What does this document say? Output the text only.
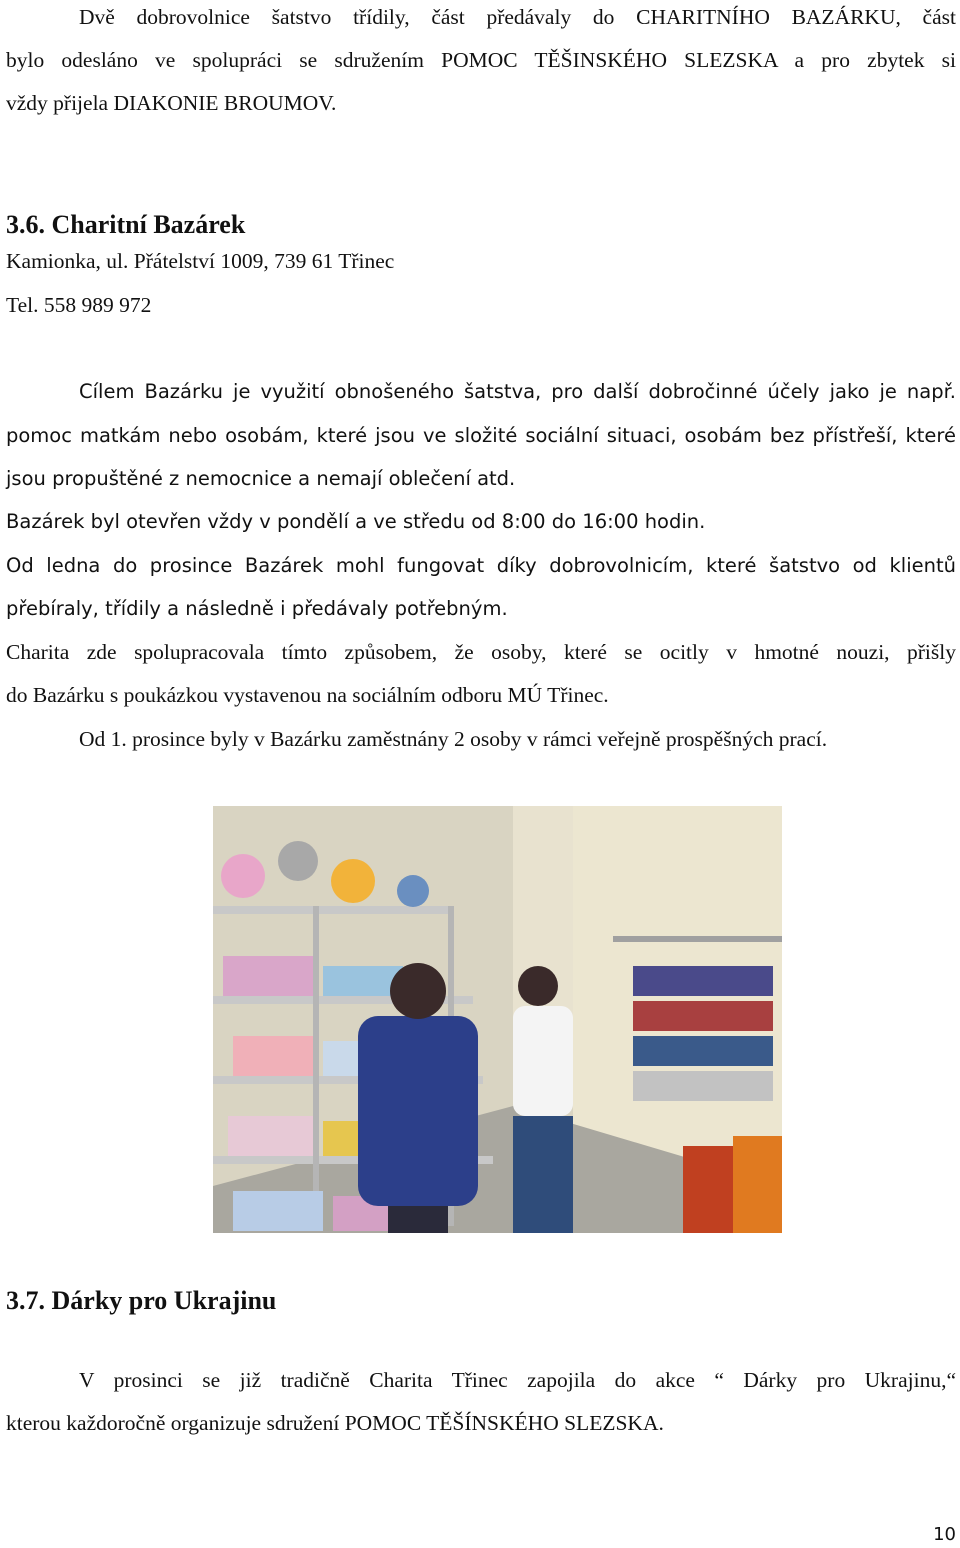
Dvě dobrovolnice šatstvo třídily, část předávaly do CHARITNÍHO BAZÁRKU, část

bylo odesláno ve spolupráci se sdružením POMOC TĚŠINSKÉHO SLEZSKA a pro zbytek si

vždy přijela DIAKONIE BROUMOV.

3.6. Charitní Bazárek

Kamionka, ul. Přátelství 1009, 739 61 Třinec

Tel. 558 989 972

Cílem Bazárku je využití obnošeného šatstva, pro další dobročinné účely jako je např.

pomoc matkám nebo osobám, které jsou ve složité sociální situaci, osobám bez přístřeší, které

jsou propuštěné z nemocnice a nemají oblečení atd.

Bazárek byl otevřen vždy v pondělí a ve středu od 8:00 do 16:00 hodin.

Od ledna do prosince Bazárek mohl fungovat díky dobrovolnicím, které šatstvo od klientů

přebíraly, třídily a následně i předávaly potřebným.

Charita zde spolupracovala tímto způsobem, že osoby, které se ocitly v hmotné nouzi, přišly

do Bazárku s poukázkou vystavenou na sociálním odboru MÚ Třinec.

Od 1. prosince byly v Bazárku zaměstnány 2 osoby v rámci veřejně prospěšných prací.

3.7. Dárky pro Ukrajinu

V prosinci se již tradičně Charita Třinec zapojila do akce “ Dárky pro Ukrajinu,“

kterou každoročně organizuje sdružení POMOC TĚŠÍNSKÉHO SLEZSKA.

10
